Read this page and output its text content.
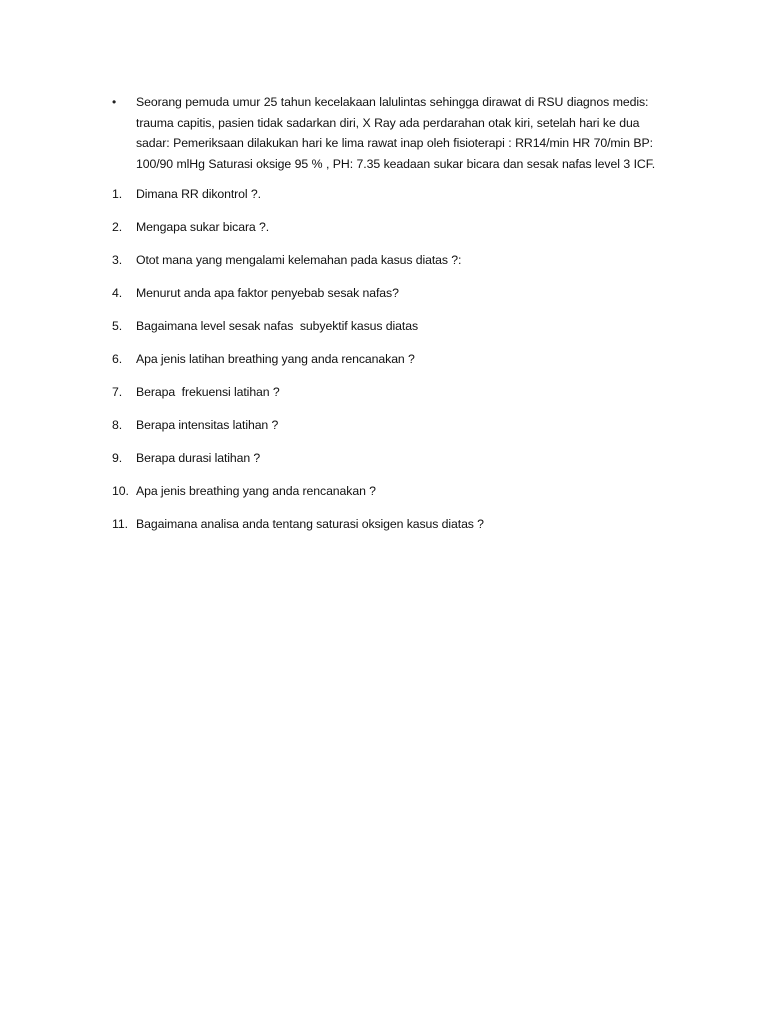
•	Seorang pemuda umur 25 tahun kecelakaan lalulintas sehingga dirawat di RSU diagnos medis: trauma capitis, pasien tidak sadarkan diri, X Ray ada perdarahan otak kiri, setelah hari ke dua sadar: Pemeriksaan dilakukan hari ke lima rawat inap oleh fisioterapi : RR14/min HR 70/min BP: 100/90 mlHg Saturasi oksige 95 % , PH: 7.35 keadaan sukar bicara dan sesak nafas level 3 ICF.
1.	Dimana RR dikontrol ?.
2.	Mengapa sukar bicara ?.
3.	Otot mana yang mengalami kelemahan pada kasus diatas ?:
4.	Menurut anda apa faktor penyebab sesak nafas?
5.	Bagaimana level sesak nafas  subyektif kasus diatas
6.	Apa jenis latihan breathing yang anda rencanakan ?
7.	Berapa  frekuensi latihan ?
8.	Berapa intensitas latihan ?
9.	Berapa durasi latihan ?
10. Apa jenis breathing yang anda rencanakan ?
11. Bagaimana analisa anda tentang saturasi oksigen kasus diatas ?
